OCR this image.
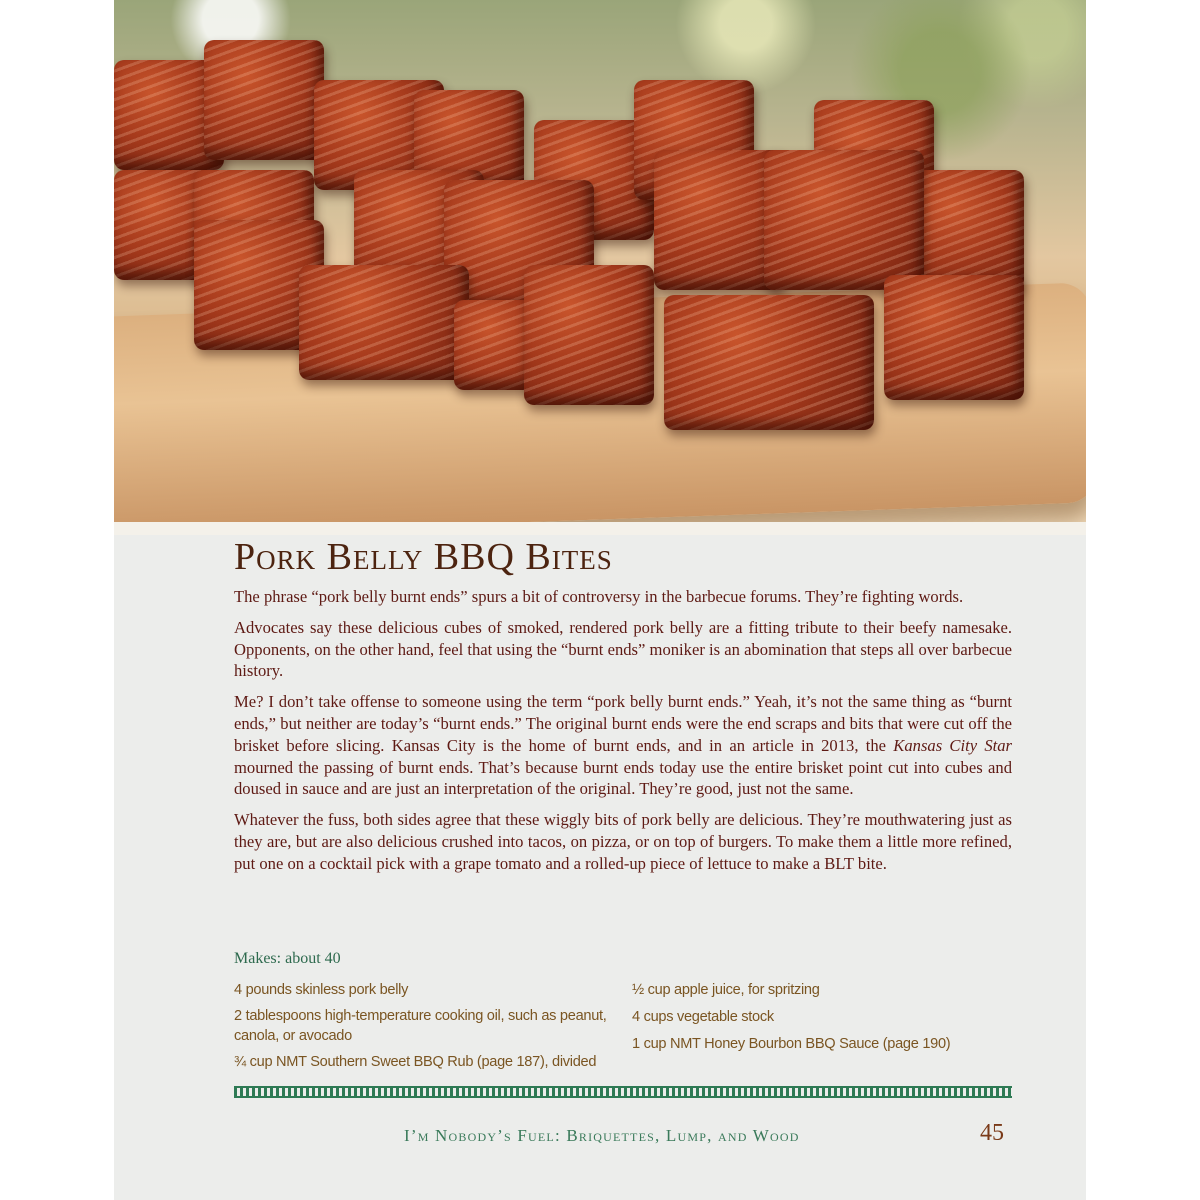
Pork Belly BBQ Bites

The phrase “pork belly burnt ends” spurs a bit of controversy in the barbecue forums. They’re fighting words.

Advocates say these delicious cubes of smoked, rendered pork belly are a fitting tribute to their beefy namesake. Opponents, on the other hand, feel that using the “burnt ends” moniker is an abomination that steps all over barbecue history.

Me? I don’t take offense to someone using the term “pork belly burnt ends.” Yeah, it’s not the same thing as “burnt ends,” but neither are today’s “burnt ends.” The original burnt ends were the end scraps and bits that were cut off the brisket before slicing. Kansas City is the home of burnt ends, and in an article in 2013, the Kansas City Star mourned the passing of burnt ends. That’s because burnt ends today use the entire brisket point cut into cubes and doused in sauce and are just an interpretation of the original. They’re good, just not the same.

Whatever the fuss, both sides agree that these wiggly bits of pork belly are delicious. They’re mouthwatering just as they are, but are also delicious crushed into tacos, on pizza, or on top of burgers. To make them a little more refined, put one on a cocktail pick with a grape tomato and a rolled-up piece of lettuce to make a BLT bite.

Makes: about 40
4 pounds skinless pork belly
2 tablespoons high-temperature cooking oil, such as peanut, canola, or avocado
¾ cup NMT Southern Sweet BBQ Rub (page 187), divided
½ cup apple juice, for spritzing
4 cups vegetable stock
1 cup NMT Honey Bourbon BBQ Sauce (page 190)
I’m Nobody’s Fuel: Briquettes, Lump, and Wood	45
